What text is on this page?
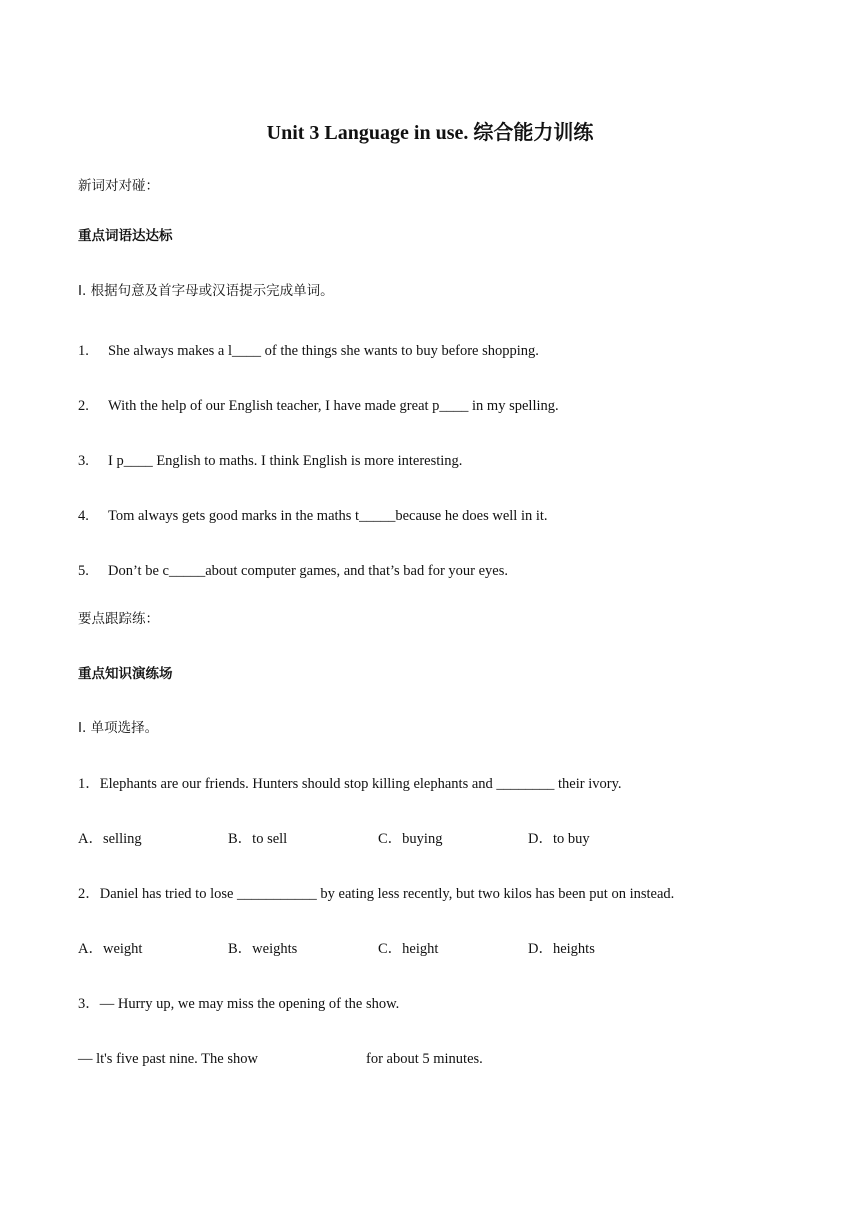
Unit 3 Language in use. 综合能力训练
新词对对碰：
重点词语达达标
I. 根据句意及首字母或汉语提示完成单词。
1. She always makes a l____ of the things she wants to buy before shopping.
2. With the help of our English teacher, I have made great p____ in my spelling.
3. I p____ English to maths. I think English is more interesting.
4. Tom always gets good marks in the maths t_____because he does well in it.
5. Don’t be c_____about computer games, and that’s bad for your eyes.
要点跟踪练：
重点知识演练场
I. 单项选择。
1．Elephants are our friends. Hunters should stop killing elephants and ________ their ivory.
A．selling	B．to sell	C．buying	D．to buy
2．Daniel has tried to lose ___________ by eating less recently, but two kilos has been put on instead.
A．weight	B．weights	C．height	D．heights
3．— Hurry up, we may miss the opening of the show.
— lt's five past nine. The show	for about 5 minutes.
